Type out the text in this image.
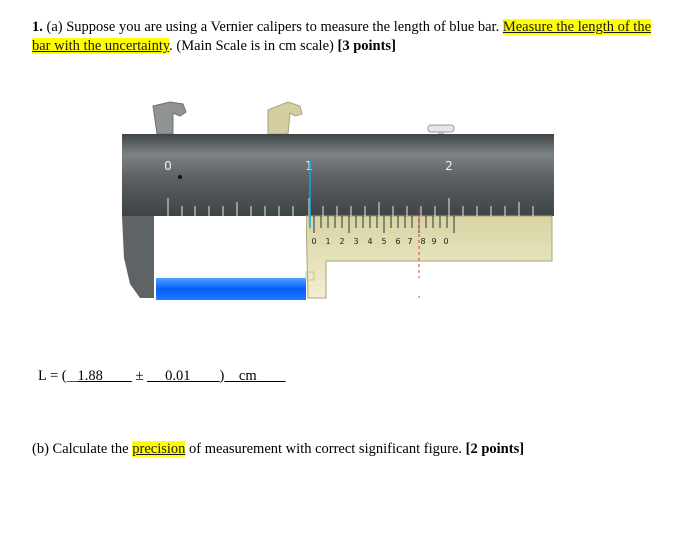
1. (a) Suppose you are using a Vernier calipers to measure the length of blue bar. Measure the length of the bar with the uncertainty. (Main Scale is in cm scale) [3 points]
0	1	2
0 1 2 3 4 5 6 7 8 9 0
L = ( 1.88 ± 0.01 ) cm
(b) Calculate the precision of measurement with correct significant figure. [2 points]
